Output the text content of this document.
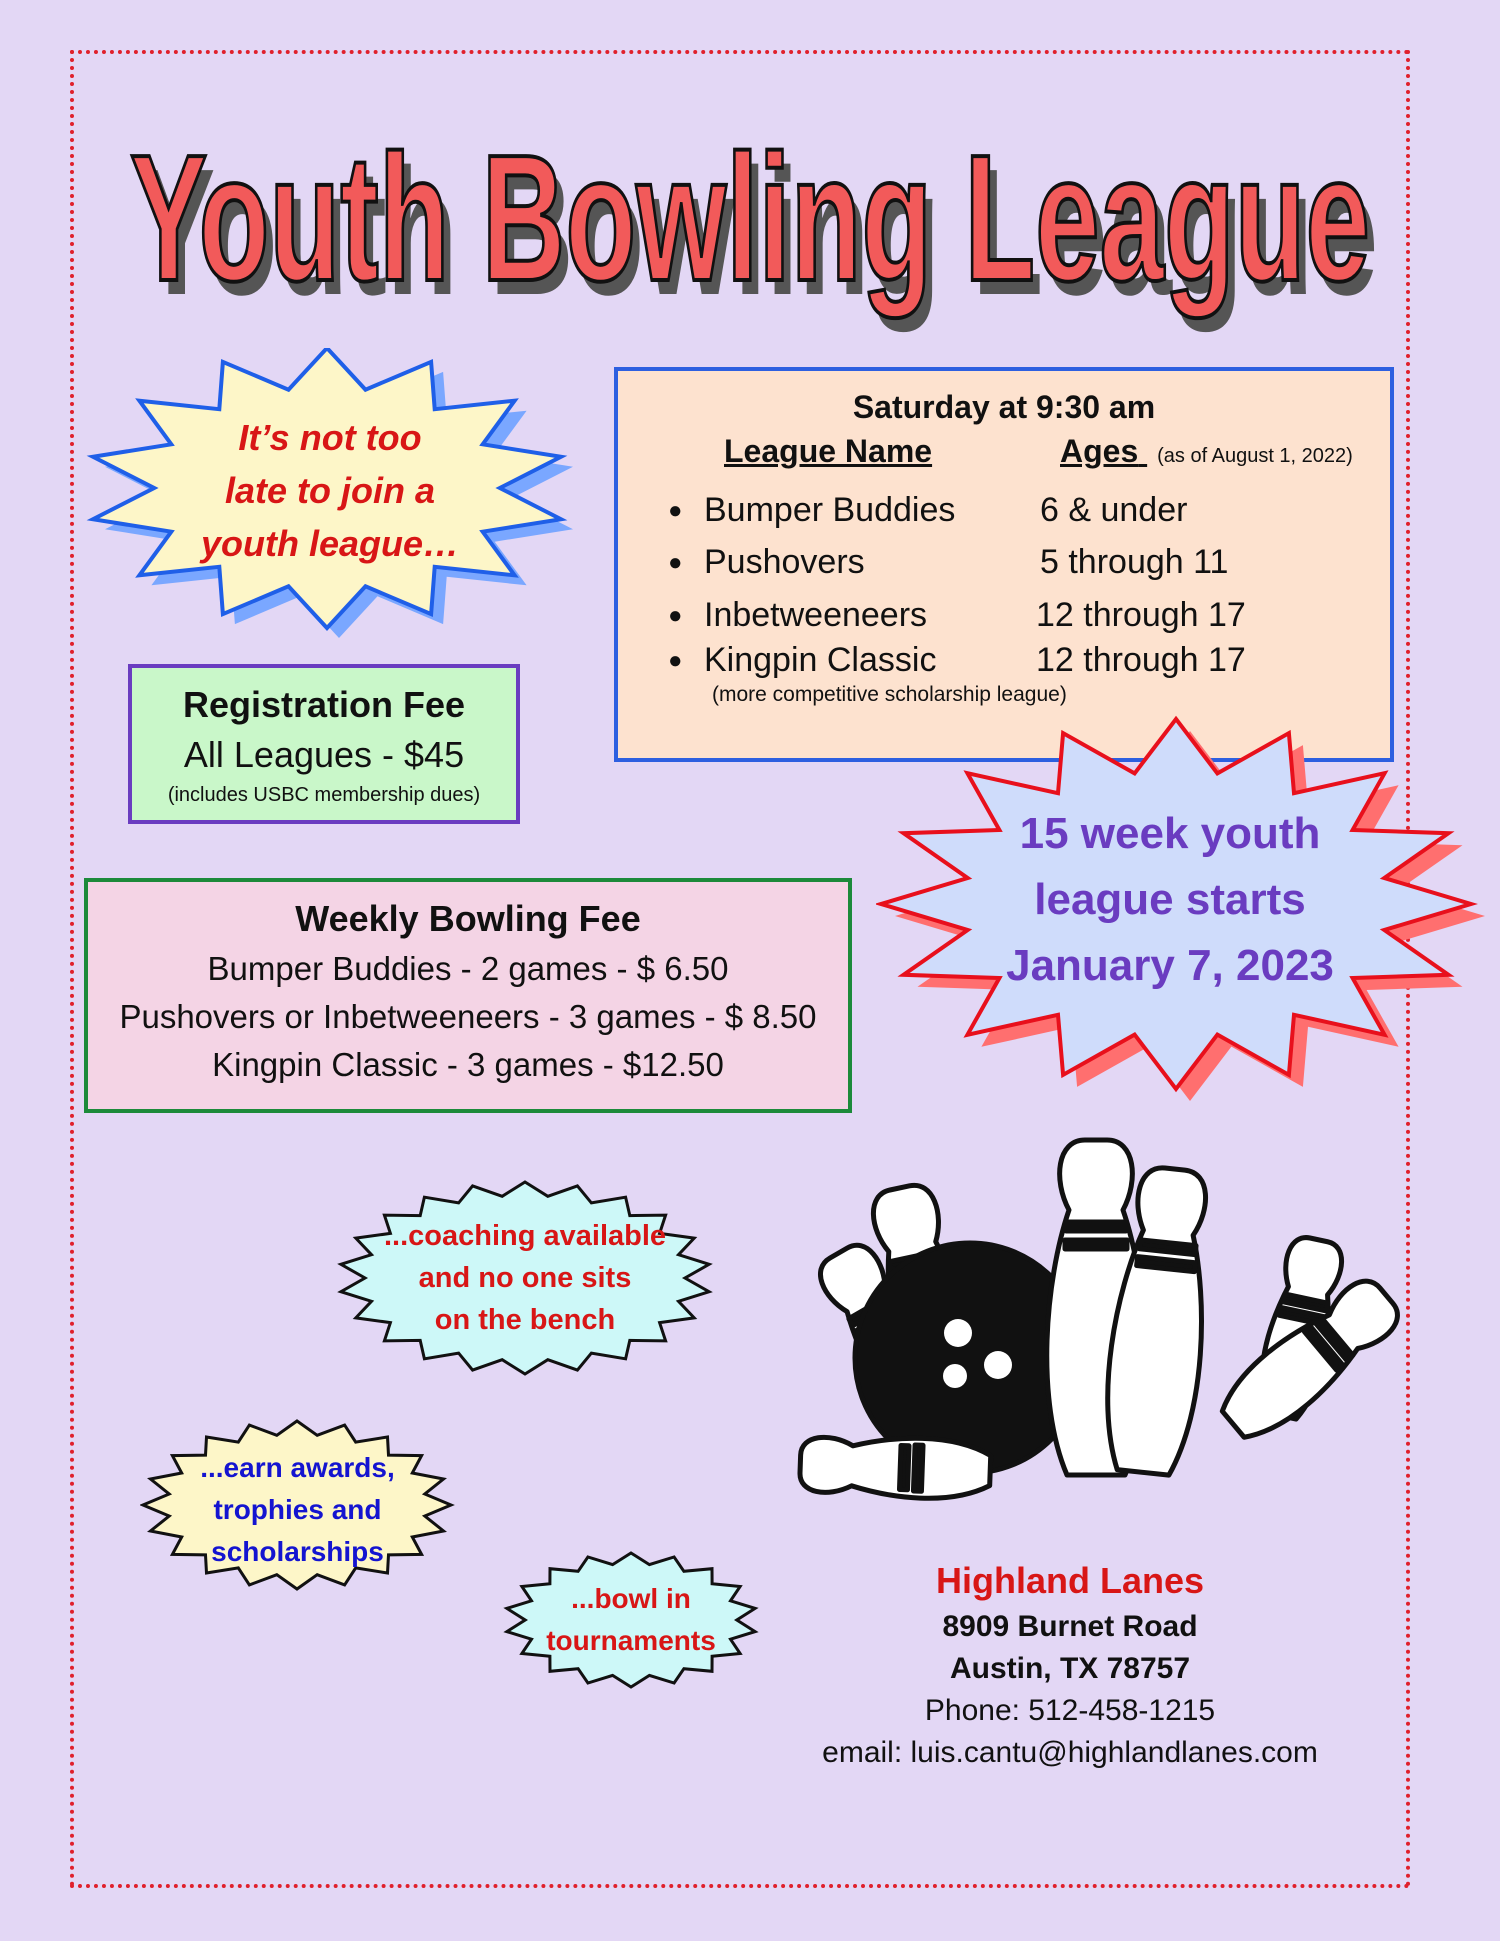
Youth Bowling League
Youth Bowling League
It’s not too
late to join a
youth league…
Saturday at 9:30 am
League Name	Ages (as of August 1, 2022)
● Bumper Buddies 6 & under
● Pushovers	5 through 11
● Inbetweeneers	12 through 17
● Kingpin Classic	12 through 17
(more competitive scholarship league)
Registration Fee
All Leagues - $45
(includes USBC membership dues)
15 week youth
league starts
January 7, 2023
Weekly Bowling Fee
Bumper Buddies - 2 games - $ 6.50
Pushovers or Inbetweeneers - 3 games - $ 8.50
Kingpin Classic - 3 games - $12.50
...coaching available
and no one sits
on the bench
...earn awards,
trophies and
scholarships
...bowl in
tournaments
Highland Lanes
8909 Burnet Road
Austin, TX 78757
Phone: 512-458-1215
email: luis.cantu@highlandlanes.com
